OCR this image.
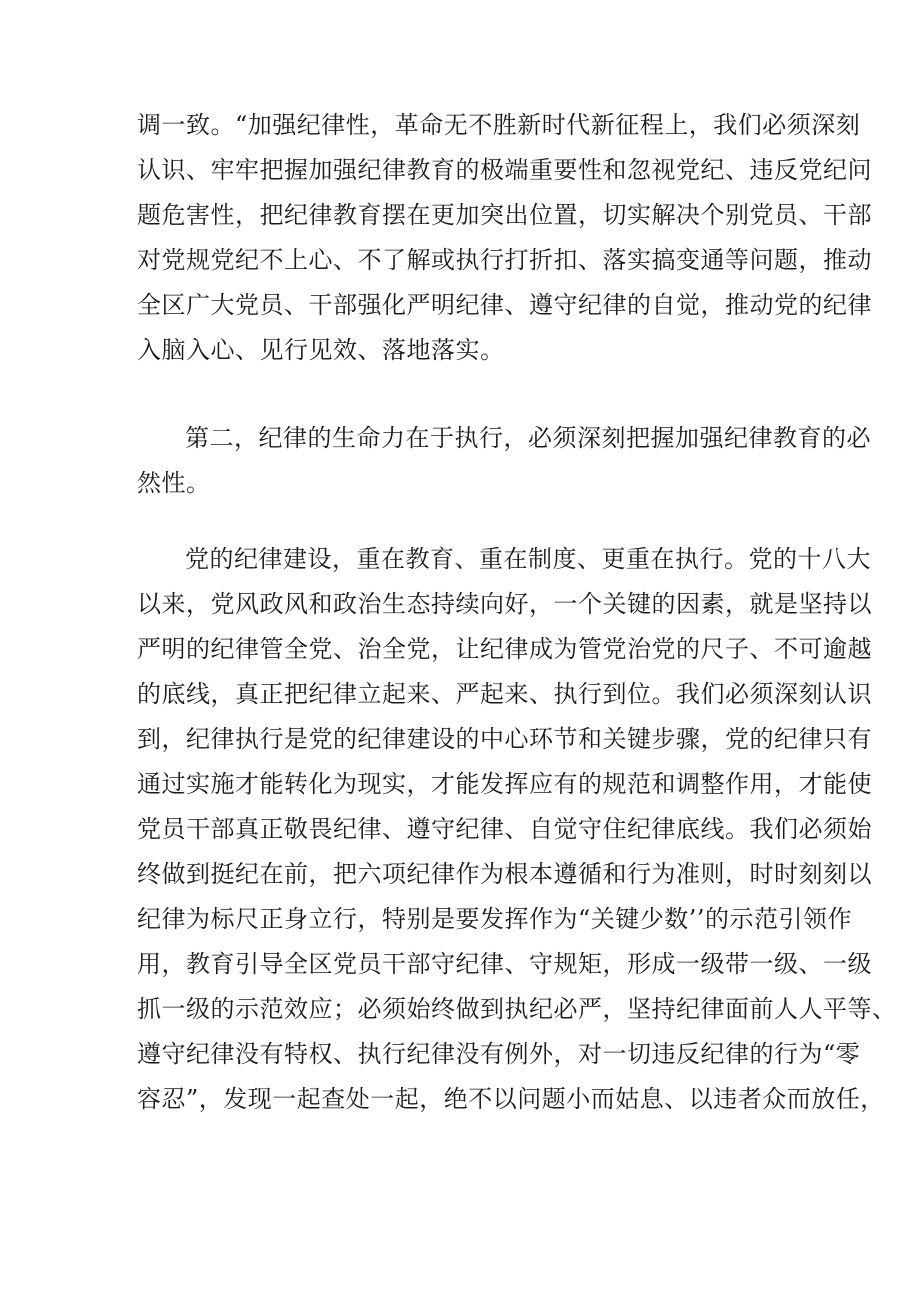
调一致。“加强纪律性，革命无不胜新时代新征程上，我们必须深刻
认识、牢牢把握加强纪律教育的极端重要性和忽视党纪、违反党纪问
题危害性，把纪律教育摆在更加突出位置，切实解决个别党员、干部
对党规党纪不上心、不了解或执行打折扣、落实搞变通等问题，推动
全区广大党员、干部强化严明纪律、遵守纪律的自觉，推动党的纪律
入脑入心、见行见效、落地落实。

第二，纪律的生命力在于执行，必须深刻把握加强纪律教育的必
然性。

党的纪律建设，重在教育、重在制度、更重在执行。党的十八大
以来，党风政风和政治生态持续向好，一个关键的因素，就是坚持以
严明的纪律管全党、治全党，让纪律成为管党治党的尺子、不可逾越
的底线，真正把纪律立起来、严起来、执行到位。我们必须深刻认识
到，纪律执行是党的纪律建设的中心环节和关键步骤，党的纪律只有
通过实施才能转化为现实，才能发挥应有的规范和调整作用，才能使
党员干部真正敬畏纪律、遵守纪律、自觉守住纪律底线。我们必须始
终做到挺纪在前，把六项纪律作为根本遵循和行为准则，时时刻刻以
纪律为标尺正身立行，特别是要发挥作为“关键少数’’的示范引领作
用，教育引导全区党员干部守纪律、守规矩，形成一级带一级、一级
抓一级的示范效应；必须始终做到执纪必严，坚持纪律面前人人平等、
遵守纪律没有特权、执行纪律没有例外，对一切违反纪律的行为“零
容忍”，发现一起查处一起，绝不以问题小而姑息、以违者众而放任，
